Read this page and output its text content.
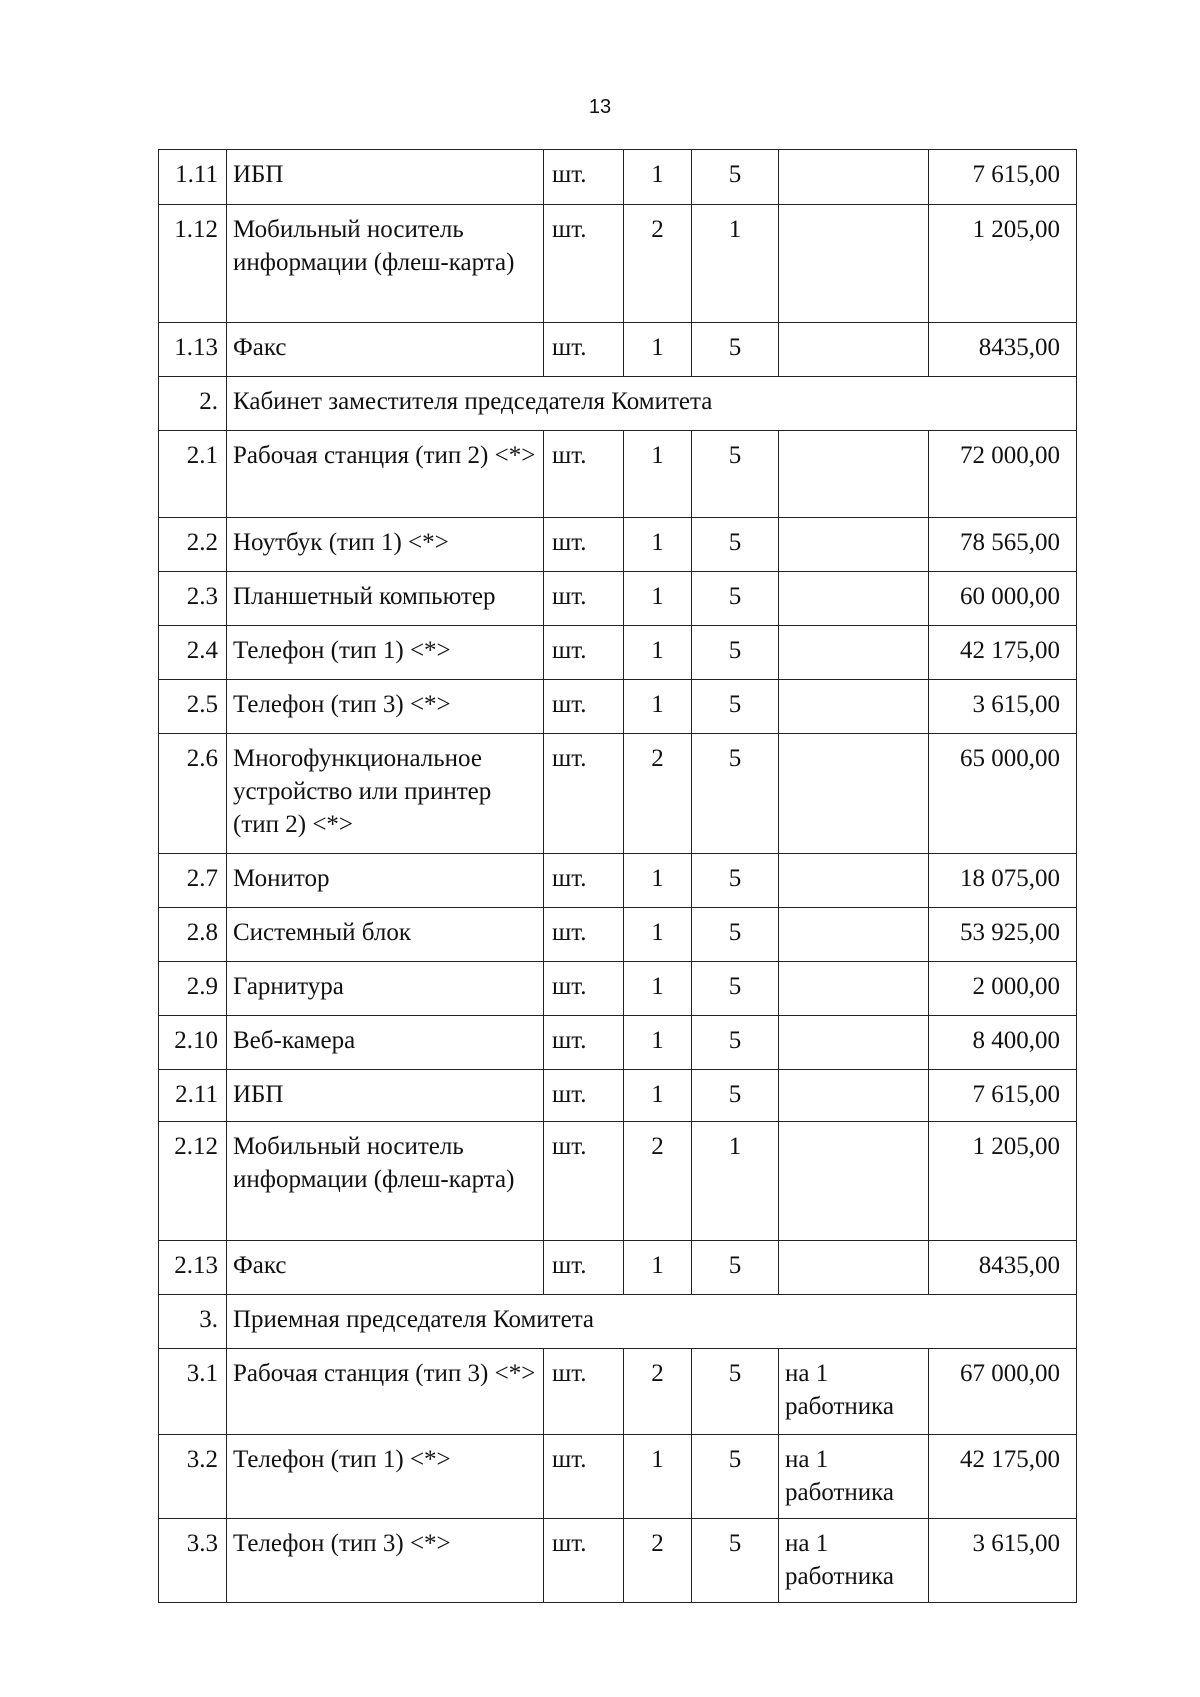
13
1.11	ИБП	шт.	1	5		7 615,00
1.12	Мобильный носитель информации (флеш-карта)	шт.	2	1		1 205,00
1.13	Факс	шт.	1	5		8435,00
2.	Кабинет заместителя председателя Комитета					
2.1	Рабочая станция (тип 2) <*>	шт.	1	5		72 000,00
2.2	Ноутбук (тип 1) <*>	шт.	1	5		78 565,00
2.3	Планшетный компьютер	шт.	1	5		60 000,00
2.4	Телефон (тип 1) <*>	шт.	1	5		42 175,00
2.5	Телефон (тип 3) <*>	шт.	1	5		3 615,00
2.6	Многофункциональное устройство или принтер (тип 2) <*>	шт.	2	5		65 000,00
2.7	Монитор	шт.	1	5		18 075,00
2.8	Системный блок	шт.	1	5		53 925,00
2.9	Гарнитура	шт.	1	5		2 000,00
2.10	Веб-камера	шт.	1	5		8 400,00
2.11	ИБП	шт.	1	5		7 615,00
2.12	Мобильный носитель информации (флеш-карта)	шт.	2	1		1 205,00
2.13	Факс	шт.	1	5		8435,00
3.	Приемная председателя Комитета					
3.1	Рабочая станция (тип 3) <*>	шт.	2	5	на 1 работника	67 000,00
3.2	Телефон (тип 1) <*>	шт.	1	5	на 1 работника	42 175,00
3.3	Телефон (тип 3) <*>	шт.	2	5	на 1 работника	3 615,00
